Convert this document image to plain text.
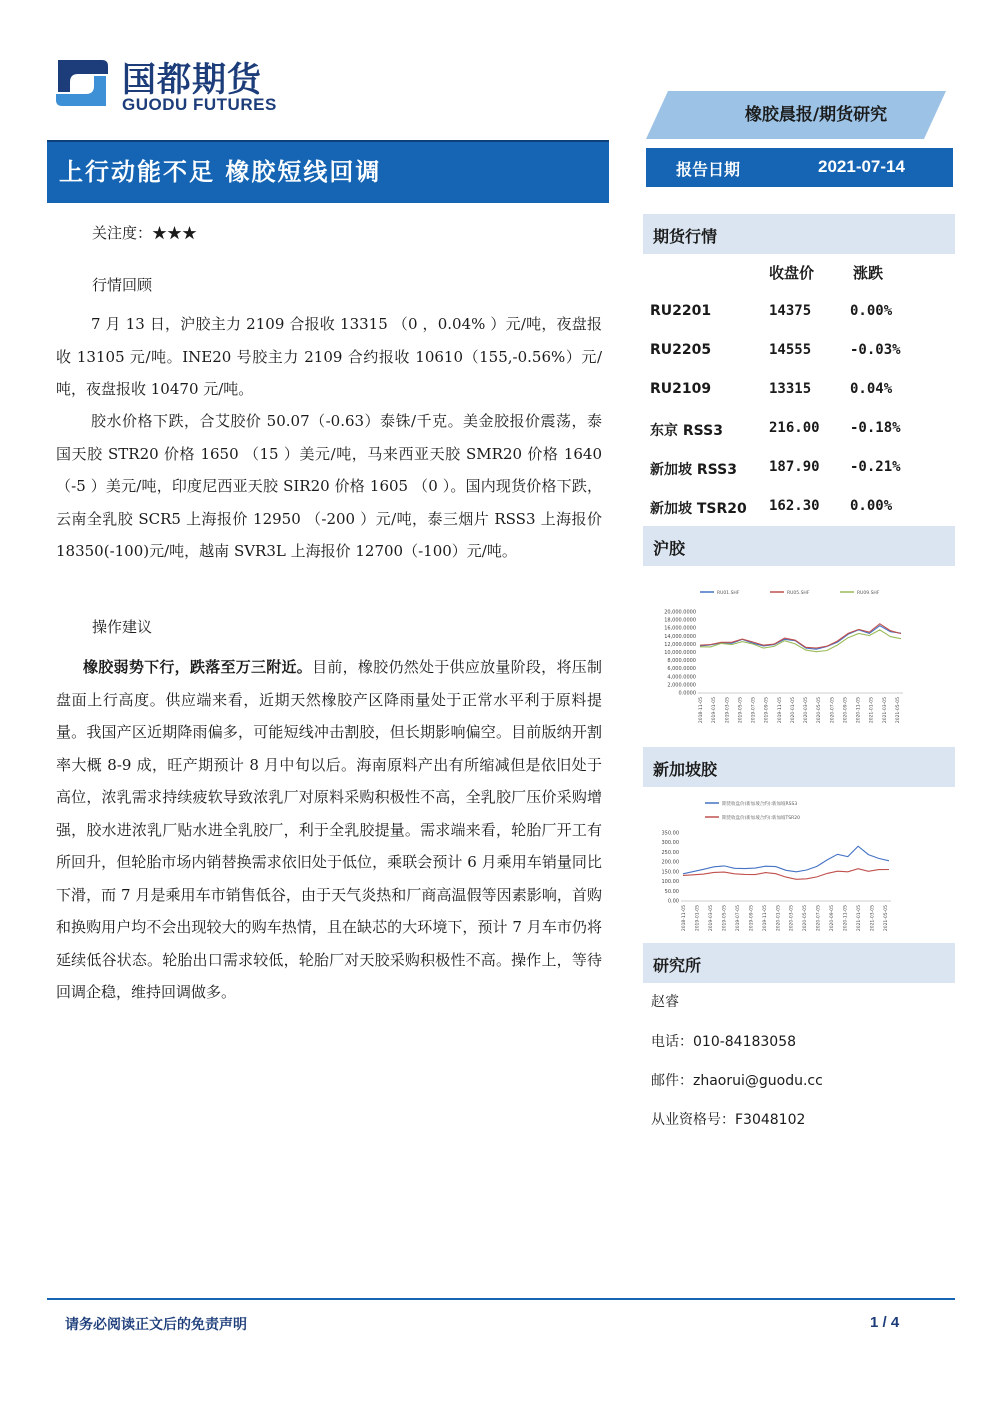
国都期货
GUODU FUTURES
橡胶晨报/期货研究
上行动能不足 橡胶短线回调	报告日期	2021-07-14
关注度：★★★
行情回顾
7 月 13 日，沪胶主力 2109 合报收 13315 （0 ，0.04% ）元/吨，夜盘报收 13105 元/吨。INE20 号胶主力 2109 合约报收 10610（155,-0.56%）元/吨，夜盘报收 10470 元/吨。
胶水价格下跌，合艾胶价 50.07（-0.63）泰铢/千克。美金胶报价震荡，泰国天胶 STR20 价格 1650 （15 ）美元/吨，马来西亚天胶 SMR20 价格 1640 （-5 ）美元/吨，印度尼西亚天胶 SIR20 价格 1605 （0 ）。国内现货价格下跌，云南全乳胶 SCR5 上海报价 12950 （-200 ）元/吨，泰三烟片 RSS3 上海报价 18350(-100)元/吨，越南 SVR3L 上海报价 12700（-100）元/吨。
操作建议
橡胶弱势下行，跌落至万三附近。目前，橡胶仍然处于供应放量阶段，将压制盘面上行高度。供应端来看，近期天然橡胶产区降雨量处于正常水平利于原料提量。我国产区近期降雨偏多，可能短线冲击割胶，但长期影响偏空。目前版纳开割率大概 8-9 成，旺产期预计 8 月中旬以后。海南原料产出有所缩减但是依旧处于高位，浓乳需求持续疲软导致浓乳厂对原料采购积极性不高，全乳胶厂压价采购增强，胶水进浓乳厂贴水进全乳胶厂，利于全乳胶提量。需求端来看，轮胎厂开工有所回升，但轮胎市场内销替换需求依旧处于低位，乘联会预计 6 月乘用车销量同比下滑，而 7 月是乘用车市销售低谷，由于天气炎热和厂商高温假等因素影响，首购和换购用户均不会出现较大的购车热情，且在缺芯的大环境下，预计 7 月车市仍将延续低谷状态。轮胎出口需求较低，轮胎厂对天胶采购积极性不高。操作上，等待回调企稳，维持回调做多。
期货行情
收盘价	涨跌
RU2201	14375	0.00%
RU2205	14555	-0.03%
RU2109	13315	0.04%
东京 RSS3	216.00 -0.18%
新加坡 RSS3 187.90 -0.21%
新加坡 TSR20 162.30 0.00%
沪胶
RU01.SHF	RU05.SHF	RU09.SHF
20,000.0000
18,000.0000
16,000.0000
14,000.0000
12,000.0000
10,000.0000
8,000.0000
6,000.0000
4,000.0000
2,000.0000
0.0000
2018-11-05 2019-01-05 2019-03-05 2019-05-05 2019-07-05 2019-09-05 2019-11-05 2020-01-05 2020-03-05 2020-05-05 2020-07-05 2020-09-05 2020-11-05 2021-01-05 2021-03-05 2021-05-05
新加坡胶
期货收盘价(新加坡合约):新加坡RSS3
期货收盘价(新加坡合约):新加坡TSR20
350.00
300.00
250.00
200.00
150.00
100.00
50.00
0.00
2018-11-05 2019-01-05 2019-03-05 2019-05-05 2019-07-05 2019-09-05 2019-11-05 2020-01-05 2020-03-05 2020-05-05 2020-07-05 2020-09-05 2020-11-05 2021-01-05 2021-03-05 2021-05-05
研究所
赵睿
电话：010-84183058
邮件：zhaorui@guodu.cc
从业资格号：F3048102
请务必阅读正文后的免责声明	1 / 4
